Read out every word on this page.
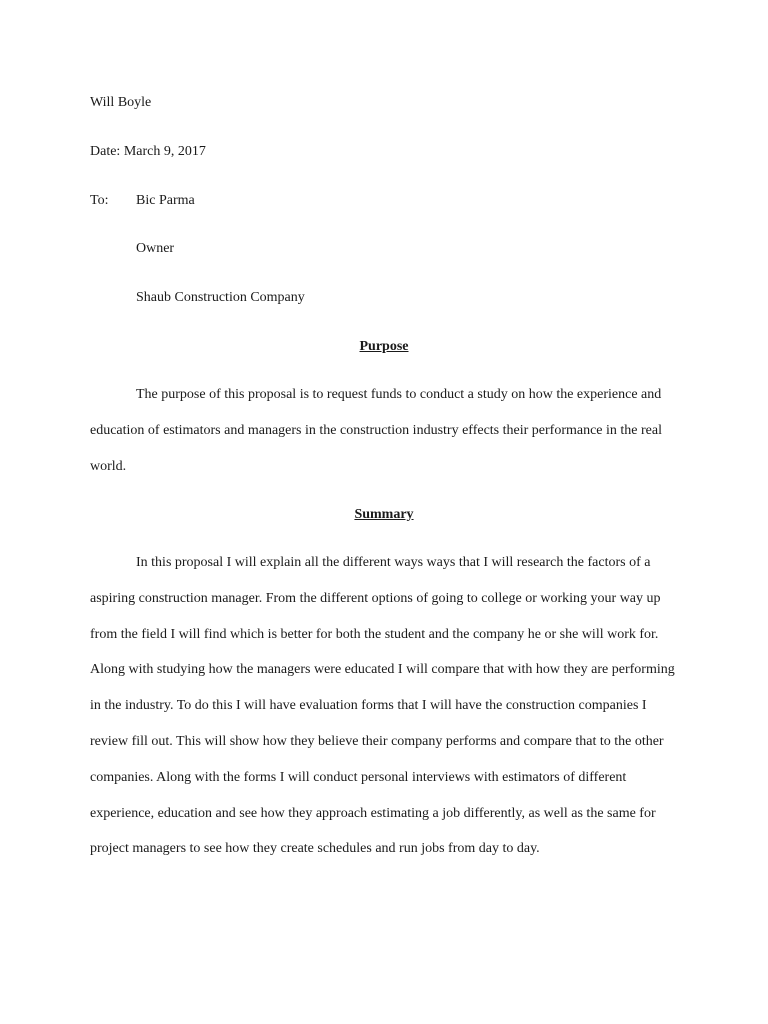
Will Boyle
Date: March 9, 2017
To: Bic Parma
Owner
Shaub Construction Company
Purpose

The purpose of this proposal is to request funds to conduct a study on how the experience and education of estimators and managers in the construction industry effects their performance in the real world.

Summary

In this proposal I will explain all the different ways ways that I will research the factors of a aspiring construction manager. From the different options of going to college or working your way up from the field I will find which is better for both the student and the company he or she will work for. Along with studying how the managers were educated I will compare that with how they are performing in the industry. To do this I will have evaluation forms that I will have the construction companies I review fill out. This will show how they believe their company performs and compare that to the other companies. Along with the forms I will conduct personal interviews with estimators of different experience, education and see how they approach estimating a job differently, as well as the same for project managers to see how they create schedules and run jobs from day to day.
